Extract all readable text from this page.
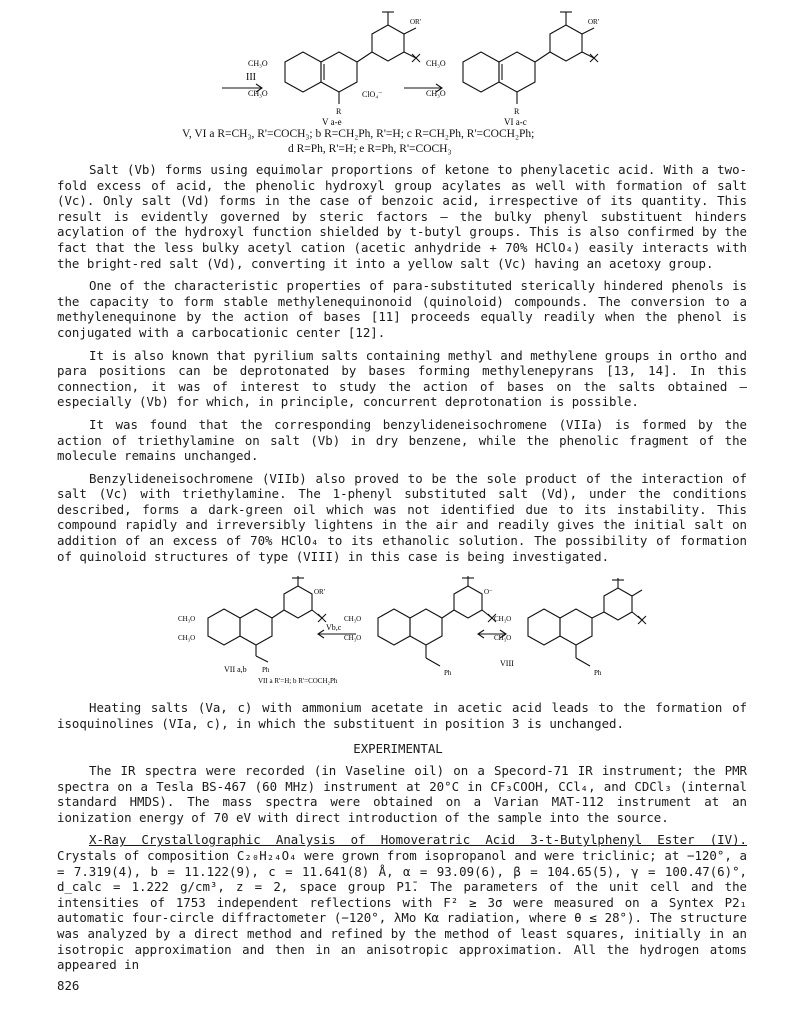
III
CH₃O
CH₃O
OR'
R
ClO₄⁻
V a-e
CH₃O
CH₃O
OR'
R
VI a-c
V, VI a R=CH₃, R'=COCH₃; b R=CH₂Ph, R'=H; c R=CH₂Ph, R'=COCH₂Ph;
d R=Ph, R'=H; e R=Ph, R'=COCH₃

Salt (Vb) forms using equimolar proportions of ketone to phenylacetic acid. With a two-fold excess of acid, the phenolic hydroxyl group acylates as well with formation of salt (Vc). Only salt (Vd) forms in the case of benzoic acid, irrespective of its quantity. This result is evidently governed by steric factors — the bulky phenyl substituent hinders acylation of the hydroxyl function shielded by t-butyl groups. This is also confirmed by the fact that the less bulky acetyl cation (acetic anhydride + 70% HClO₄) easily interacts with the bright-red salt (Vd), converting it into a yellow salt (Vc) having an acetoxy group.

One of the characteristic properties of para-substituted sterically hindered phenols is the capacity to form stable methylenequinonoid (quinoloid) compounds. The conversion to a methylenequinone by the action of bases [11] proceeds equally readily when the phenol is conjugated with a carbocationic center [12].

It is also known that pyrilium salts containing methyl and methylene groups in ortho and para positions can be deprotonated by bases forming methylenepyrans [13, 14]. In this connection, it was of interest to study the action of bases on the salts obtained — especially (Vb) for which, in principle, concurrent deprotonation is possible.

It was found that the corresponding benzylideneisochromene (VIIa) is formed by the action of triethylamine on salt (Vb) in dry benzene, while the phenolic fragment of the molecule remains unchanged.

Benzylideneisochromene (VIIb) also proved to be the sole product of the interaction of salt (Vc) with triethylamine. The 1-phenyl substituted salt (Vd), under the conditions described, forms a dark-green oil which was not identified due to its instability. This compound rapidly and irreversibly lightens in the air and readily gives the initial salt on addition of an excess of 70% HClO₄ to its ethanolic solution. The possibility of formation of quinoloid structures of type (VIII) in this case is being investigated.

CH₃O
CH₃O
OR'
Ph
VII a,b
Vb,c
CH₃O
CH₃O
O⁻
Ph
CH₃O
CH₃O
Ph
VIII
VII a R'=H; b R'=COCH₂Ph

Heating salts (Va, c) with ammonium acetate in acetic acid leads to the formation of isoquinolines (VIa, c), in which the substituent in position 3 is unchanged.

EXPERIMENTAL

The IR spectra were recorded (in Vaseline oil) on a Specord-71 IR instrument; the PMR spectra on a Tesla BS-467 (60 MHz) instrument at 20°C in CF₃COOH, CCl₄, and CDCl₃ (internal standard HMDS). The mass spectra were obtained on a Varian MAT-112 instrument at an ionization energy of 70 eV with direct introduction of the sample into the source.

X-Ray Crystallographic Analysis of Homoveratric Acid 3-t-Butylphenyl Ester (IV). Crystals of composition C₂₀H₂₄O₄ were grown from isopropanol and were triclinic; at −120°, a = 7.319(4), b = 11.122(9), c = 11.641(8) Å, α = 93.09(6), β = 104.65(5), γ = 100.47(6)°, d_calc = 1.222 g/cm³, z = 2, space group P1̄. The parameters of the unit cell and the intensities of 1753 independent reflections with F² ≥ 3σ were measured on a Syntex P2₁ automatic four-circle diffractometer (−120°, λMo Kα radiation, where θ ≤ 28°). The structure was analyzed by a direct method and refined by the method of least squares, initially in an isotropic approximation and then in an anisotropic approximation. All the hydrogen atoms appeared in

826
